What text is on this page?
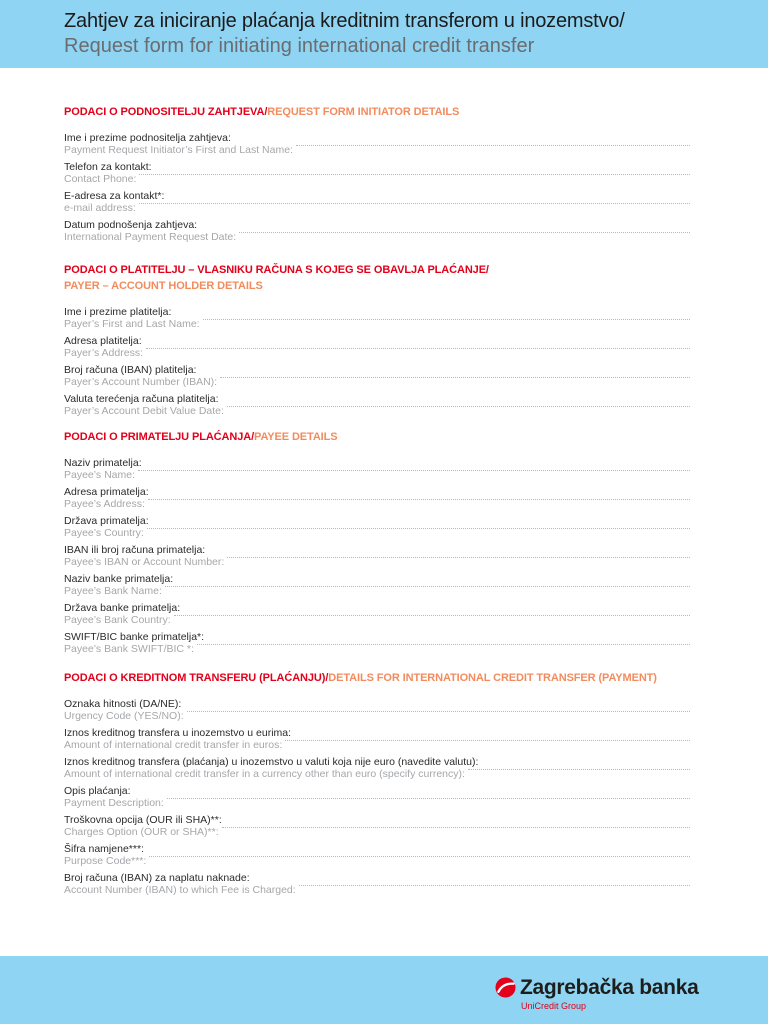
Zahtjev za iniciranje plaćanja kreditnim transferom u inozemstvo/
Request form for initiating international credit transfer
PODACI O PODNOSITELJU ZAHTJEVA/REQUEST FORM INITIATOR DETAILS
Ime i prezime podnositelja zahtjeva:
Payment Request Initiator’s First and Last Name:
Telefon za kontakt:
Contact Phone:
E-adresa za kontakt*:
e-mail address:
Datum podnošenja zahtjeva:
International Payment Request Date:
PODACI O PLATITELJU – VLASNIKU RAČUNA S KOJEG SE OBAVLJA PLAĆANJE/
PAYER – ACCOUNT HOLDER DETAILS
Ime i prezime platitelja:
Payer’s First and Last Name:
Adresa platitelja:
Payer’s Address:
Broj računa (IBAN) platitelja:
Payer’s Account Number (IBAN):
Valuta terećenja računa platitelja:
Payer’s Account Debit Value Date:
PODACI O PRIMATELJU PLAĆANJA/PAYEE DETAILS
Naziv primatelja:
Payee’s Name:
Adresa primatelja:
Payee’s Address:
Država primatelja:
Payee’s Country:
IBAN ili broj računa primatelja:
Payee’s IBAN or Account Number:
Naziv banke primatelja:
Payee’s Bank Name:
Država banke primatelja:
Payee’s Bank Country:
SWIFT/BIC banke primatelja*:
Payee’s Bank SWIFT/BIC *:
PODACI O KREDITNOM TRANSFERU (PLAĆANJU)/DETAILS FOR INTERNATIONAL CREDIT TRANSFER (PAYMENT)
Oznaka hitnosti (DA/NE):
Urgency Code (YES/NO):
Iznos kreditnog transfera u inozemstvo u eurima:
Amount of international credit transfer in euros:
Iznos kreditnog transfera (plaćanja) u inozemstvo u valuti koja nije euro (navedite valutu):
Amount of international credit transfer in a currency other than euro (specify currency):
Opis plaćanja:
Payment Description:
Troškovna opcija (OUR ili SHA)**:
Charges Option (OUR or SHA)**:
Šifra namjene***:
Purpose Code***:
Broj računa (IBAN) za naplatu naknade:
Account Number (IBAN) to which Fee is Charged:
Zagrebačka banka
UniCredit Group
